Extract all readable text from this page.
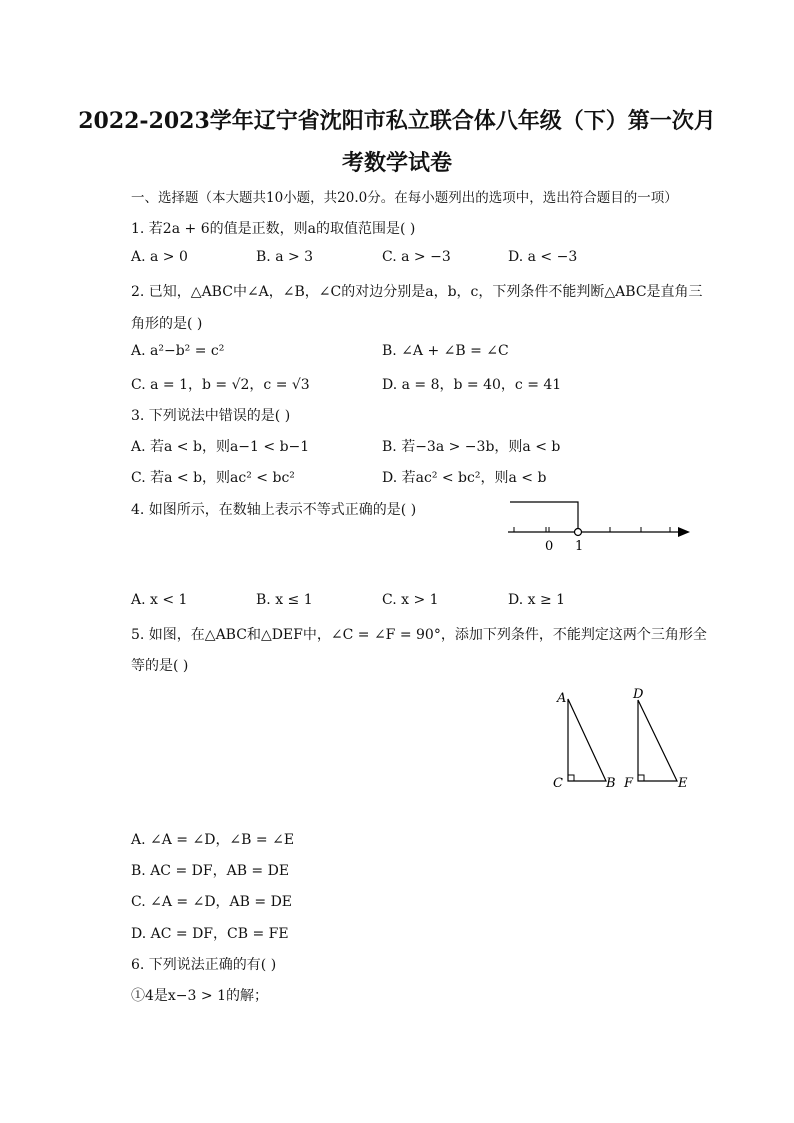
2022-2023学年辽宁省沈阳市私立联合体八年级（下）第一次月
考数学试卷
一、选择题（本大题共10小题，共20.0分。在每小题列出的选项中，选出符合题目的一项）
1. 若2a + 6的值是正数，则a的取值范围是( )
A. a > 0	B. a > 3	C. a > −3	D. a < −3
2. 已知，△ABC中∠A，∠B，∠C的对边分别是a，b，c，下列条件不能判断△ABC是直角三
角形的是( )
A. a²−b² = c²	B. ∠A + ∠B = ∠C
C. a = 1，b = √2，c = √3	D. a = 8，b = 40，c = 41
3. 下列说法中错误的是( )
A. 若a < b，则a−1 < b−1	B. 若−3a > −3b，则a < b
C. 若a < b，则ac² < bc²	D. 若ac² < bc²，则a < b
4. 如图所示，在数轴上表示不等式正确的是( )
0 1
A. x < 1	B. x ≤ 1	C. x > 1	D. x ≥ 1
5. 如图，在△ABC和△DEF中，∠C = ∠F = 90°，添加下列条件，不能判定这两个三角形全
等的是( )
A
C	B
D
F	E
A. ∠A = ∠D，∠B = ∠E
B. AC = DF，AB = DE
C. ∠A = ∠D，AB = DE
D. AC = DF，CB = FE
6. 下列说法正确的有( )
①4是x−3 > 1的解；
